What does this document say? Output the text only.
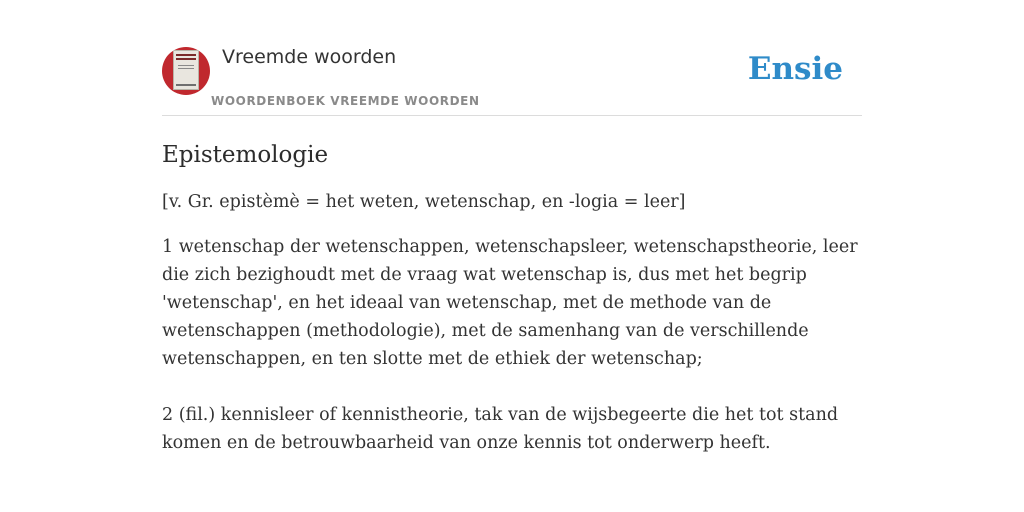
Vreemde woorden
WOORDENBOEK VREEMDE WOORDEN
Ensie
Epistemologie

[v. Gr. epistèmè = het weten, wetenschap, en -logia = leer]

1 wetenschap der wetenschappen, wetenschapsleer, wetenschapstheorie, leer die zich bezighoudt met de vraag wat wetenschap is, dus met het begrip 'wetenschap', en het ideaal van wetenschap, met de methode van de wetenschappen (methodologie), met de samenhang van de verschillende wetenschappen, en ten slotte met de ethiek der wetenschap;

2 (fil.) kennisleer of kennistheorie, tak van de wijsbegeerte die het tot stand komen en de betrouwbaarheid van onze kennis tot onderwerp heeft.
